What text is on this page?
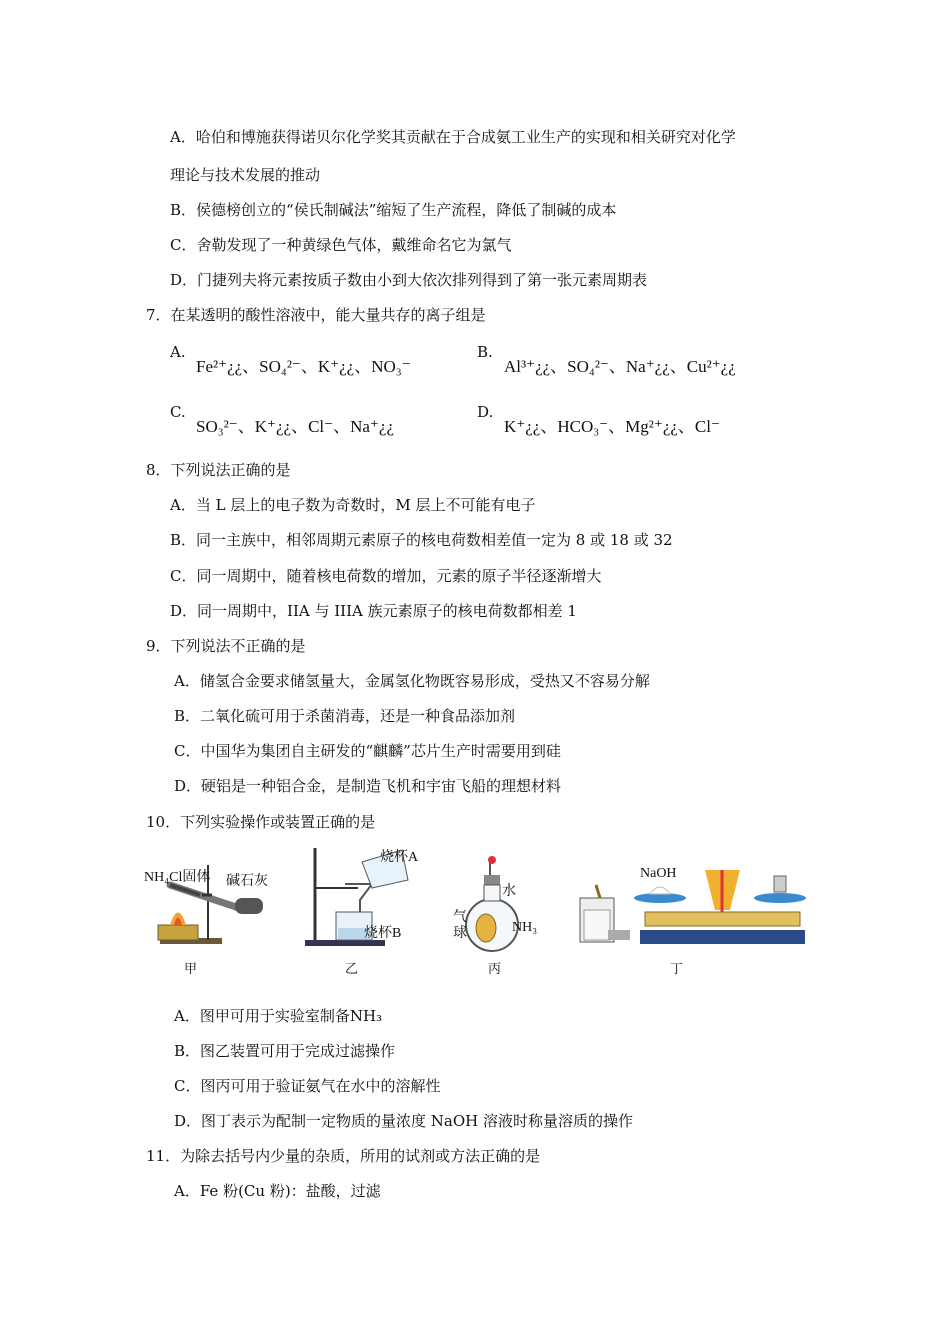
A．哈伯和博施获得诺贝尔化学奖其贡献在于合成氨工业生产的实现和相关研究对化学
理论与技术发展的推动
B．侯德榜创立的“侯氏制碱法”缩短了生产流程，降低了制碱的成本
C．舍勒发现了一种黄绿色气体，戴维命名它为氯气
D．门捷列夫将元素按质子数由小到大依次排列得到了第一张元素周期表
7．在某透明的酸性溶液中，能大量共存的离子组是
A.
Fe²⁺¿¿、SO₄²⁻、K⁺¿¿、NO₃⁻
B.
Al³⁺¿¿、SO₄²⁻、Na⁺¿¿、Cu²⁺¿¿
C.
SO₃²⁻、K⁺¿¿、Cl⁻、Na⁺¿¿
D.
K⁺¿¿、HCO₃⁻、Mg²⁺¿¿、Cl⁻
8．下列说法正确的是
A．当 L 层上的电子数为奇数时，M 层上不可能有电子
B．同一主族中，相邻周期元素原子的核电荷数相差值一定为 8 或 18 或 32
C．同一周期中，随着核电荷数的增加，元素的原子半径逐渐增大
D．同一周期中，IIA 与 IIIA 族元素原子的核电荷数都相差 1
9．下列说法不正确的是
A．储氢合金要求储氢量大，金属氢化物既容易形成，受热又不容易分解
B．二氧化硫可用于杀菌消毒，还是一种食品添加剂
C．中国华为集团自主研发的“麒麟”芯片生产时需要用到硅
D．硬铝是一种铝合金，是制造飞机和宇宙飞船的理想材料
10．下列实验操作或装置正确的是
NH₄Cl固体 碱石灰
烧杯A
烧杯B
水
气
球	NH₃
NaOH
甲	乙	丙	丁
A．图甲可用于实验室制备NH₃
B．图乙装置可用于完成过滤操作
C．图丙可用于验证氨气在水中的溶解性
D．图丁表示为配制一定物质的量浓度 NaOH 溶液时称量溶质的操作
11．为除去括号内少量的杂质，所用的试剂或方法正确的是
A．Fe 粉(Cu 粉)：盐酸，过滤
